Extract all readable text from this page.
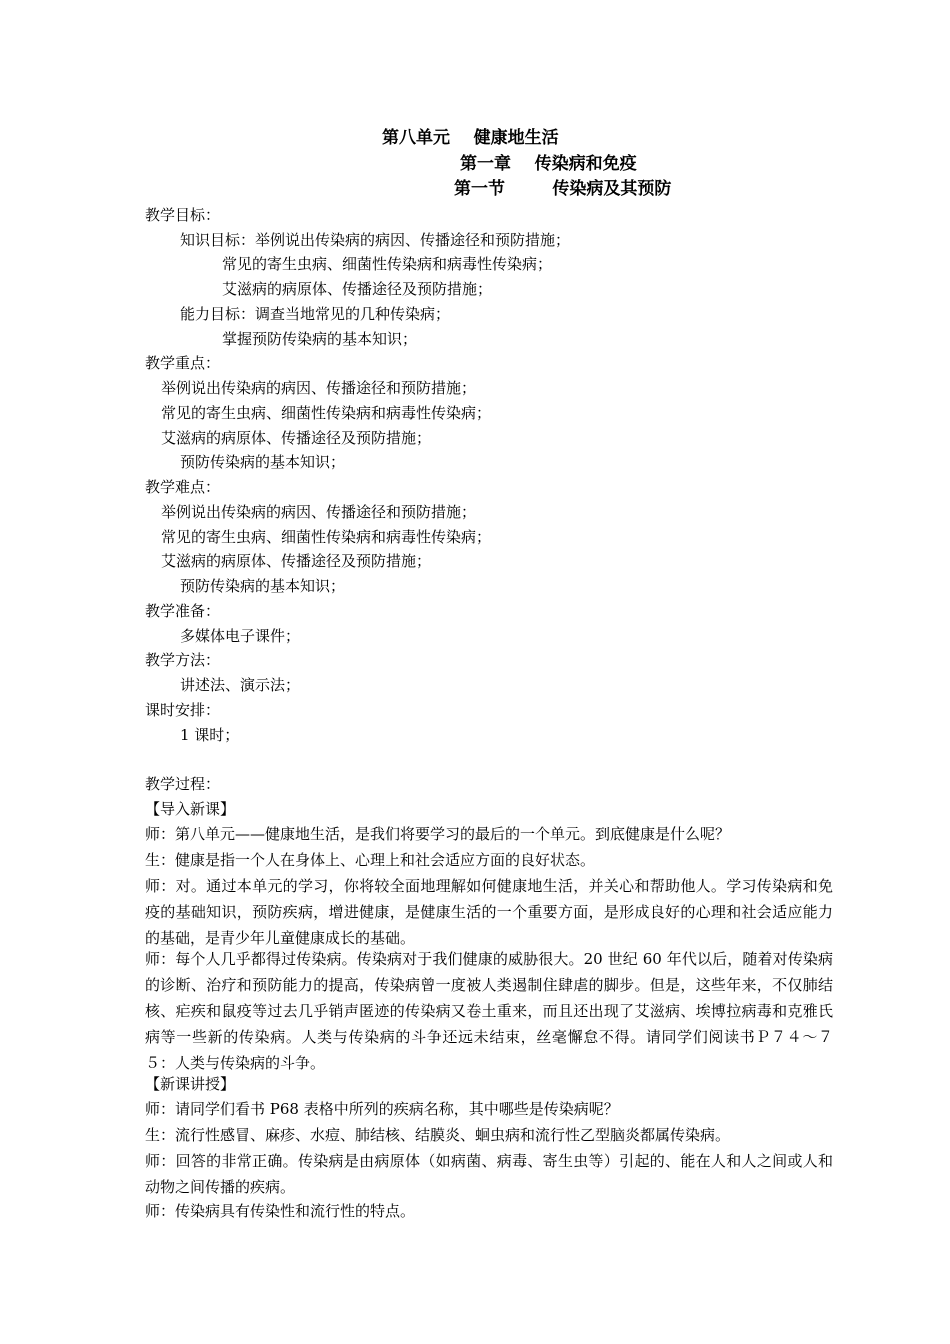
第八单元    健康地生活
第一章    传染病和免疫
第一节        传染病及其预防
教学目标：
知识目标：举例说出传染病的病因、传播途径和预防措施；
常见的寄生虫病、细菌性传染病和病毒性传染病；
艾滋病的病原体、传播途径及预防措施；
能力目标：调查当地常见的几种传染病；
掌握预防传染病的基本知识；
教学重点：
举例说出传染病的病因、传播途径和预防措施；
常见的寄生虫病、细菌性传染病和病毒性传染病；
艾滋病的病原体、传播途径及预防措施；
预防传染病的基本知识；
教学难点：
举例说出传染病的病因、传播途径和预防措施；
常见的寄生虫病、细菌性传染病和病毒性传染病；
艾滋病的病原体、传播途径及预防措施；
预防传染病的基本知识；
教学准备：
多媒体电子课件；
教学方法：
讲述法、演示法；
课时安排：
1 课时；
教学过程：
【导入新课】
师：第八单元——健康地生活，是我们将要学习的最后的一个单元。到底健康是什么呢？
生：健康是指一个人在身体上、心理上和社会适应方面的良好状态。
师：对。通过本单元的学习，你将较全面地理解如何健康地生活，并关心和帮助他人。学习传染病和免疫的基础知识，预防疾病，增进健康，是健康生活的一个重要方面，是形成良好的心理和社会适应能力的基础，是青少年儿童健康成长的基础。
师：每个人几乎都得过传染病。传染病对于我们健康的威胁很大。20 世纪 60 年代以后，随着对传染病的诊断、治疗和预防能力的提高，传染病曾一度被人类遏制住肆虐的脚步。但是，这些年来，不仅肺结核、疟疾和鼠疫等过去几乎销声匿迹的传染病又卷土重来，而且还出现了艾滋病、埃博拉病毒和克雅氏病等一些新的传染病。人类与传染病的斗争还远未结束，丝毫懈怠不得。请同学们阅读书Ｐ７４～７５：人类与传染病的斗争。
【新课讲授】
师：请同学们看书 P68 表格中所列的疾病名称，其中哪些是传染病呢？
生：流行性感冒、麻疹、水痘、肺结核、结膜炎、蛔虫病和流行性乙型脑炎都属传染病。
师：回答的非常正确。传染病是由病原体（如病菌、病毒、寄生虫等）引起的、能在人和人之间或人和动物之间传播的疾病。
师：传染病具有传染性和流行性的特点。
